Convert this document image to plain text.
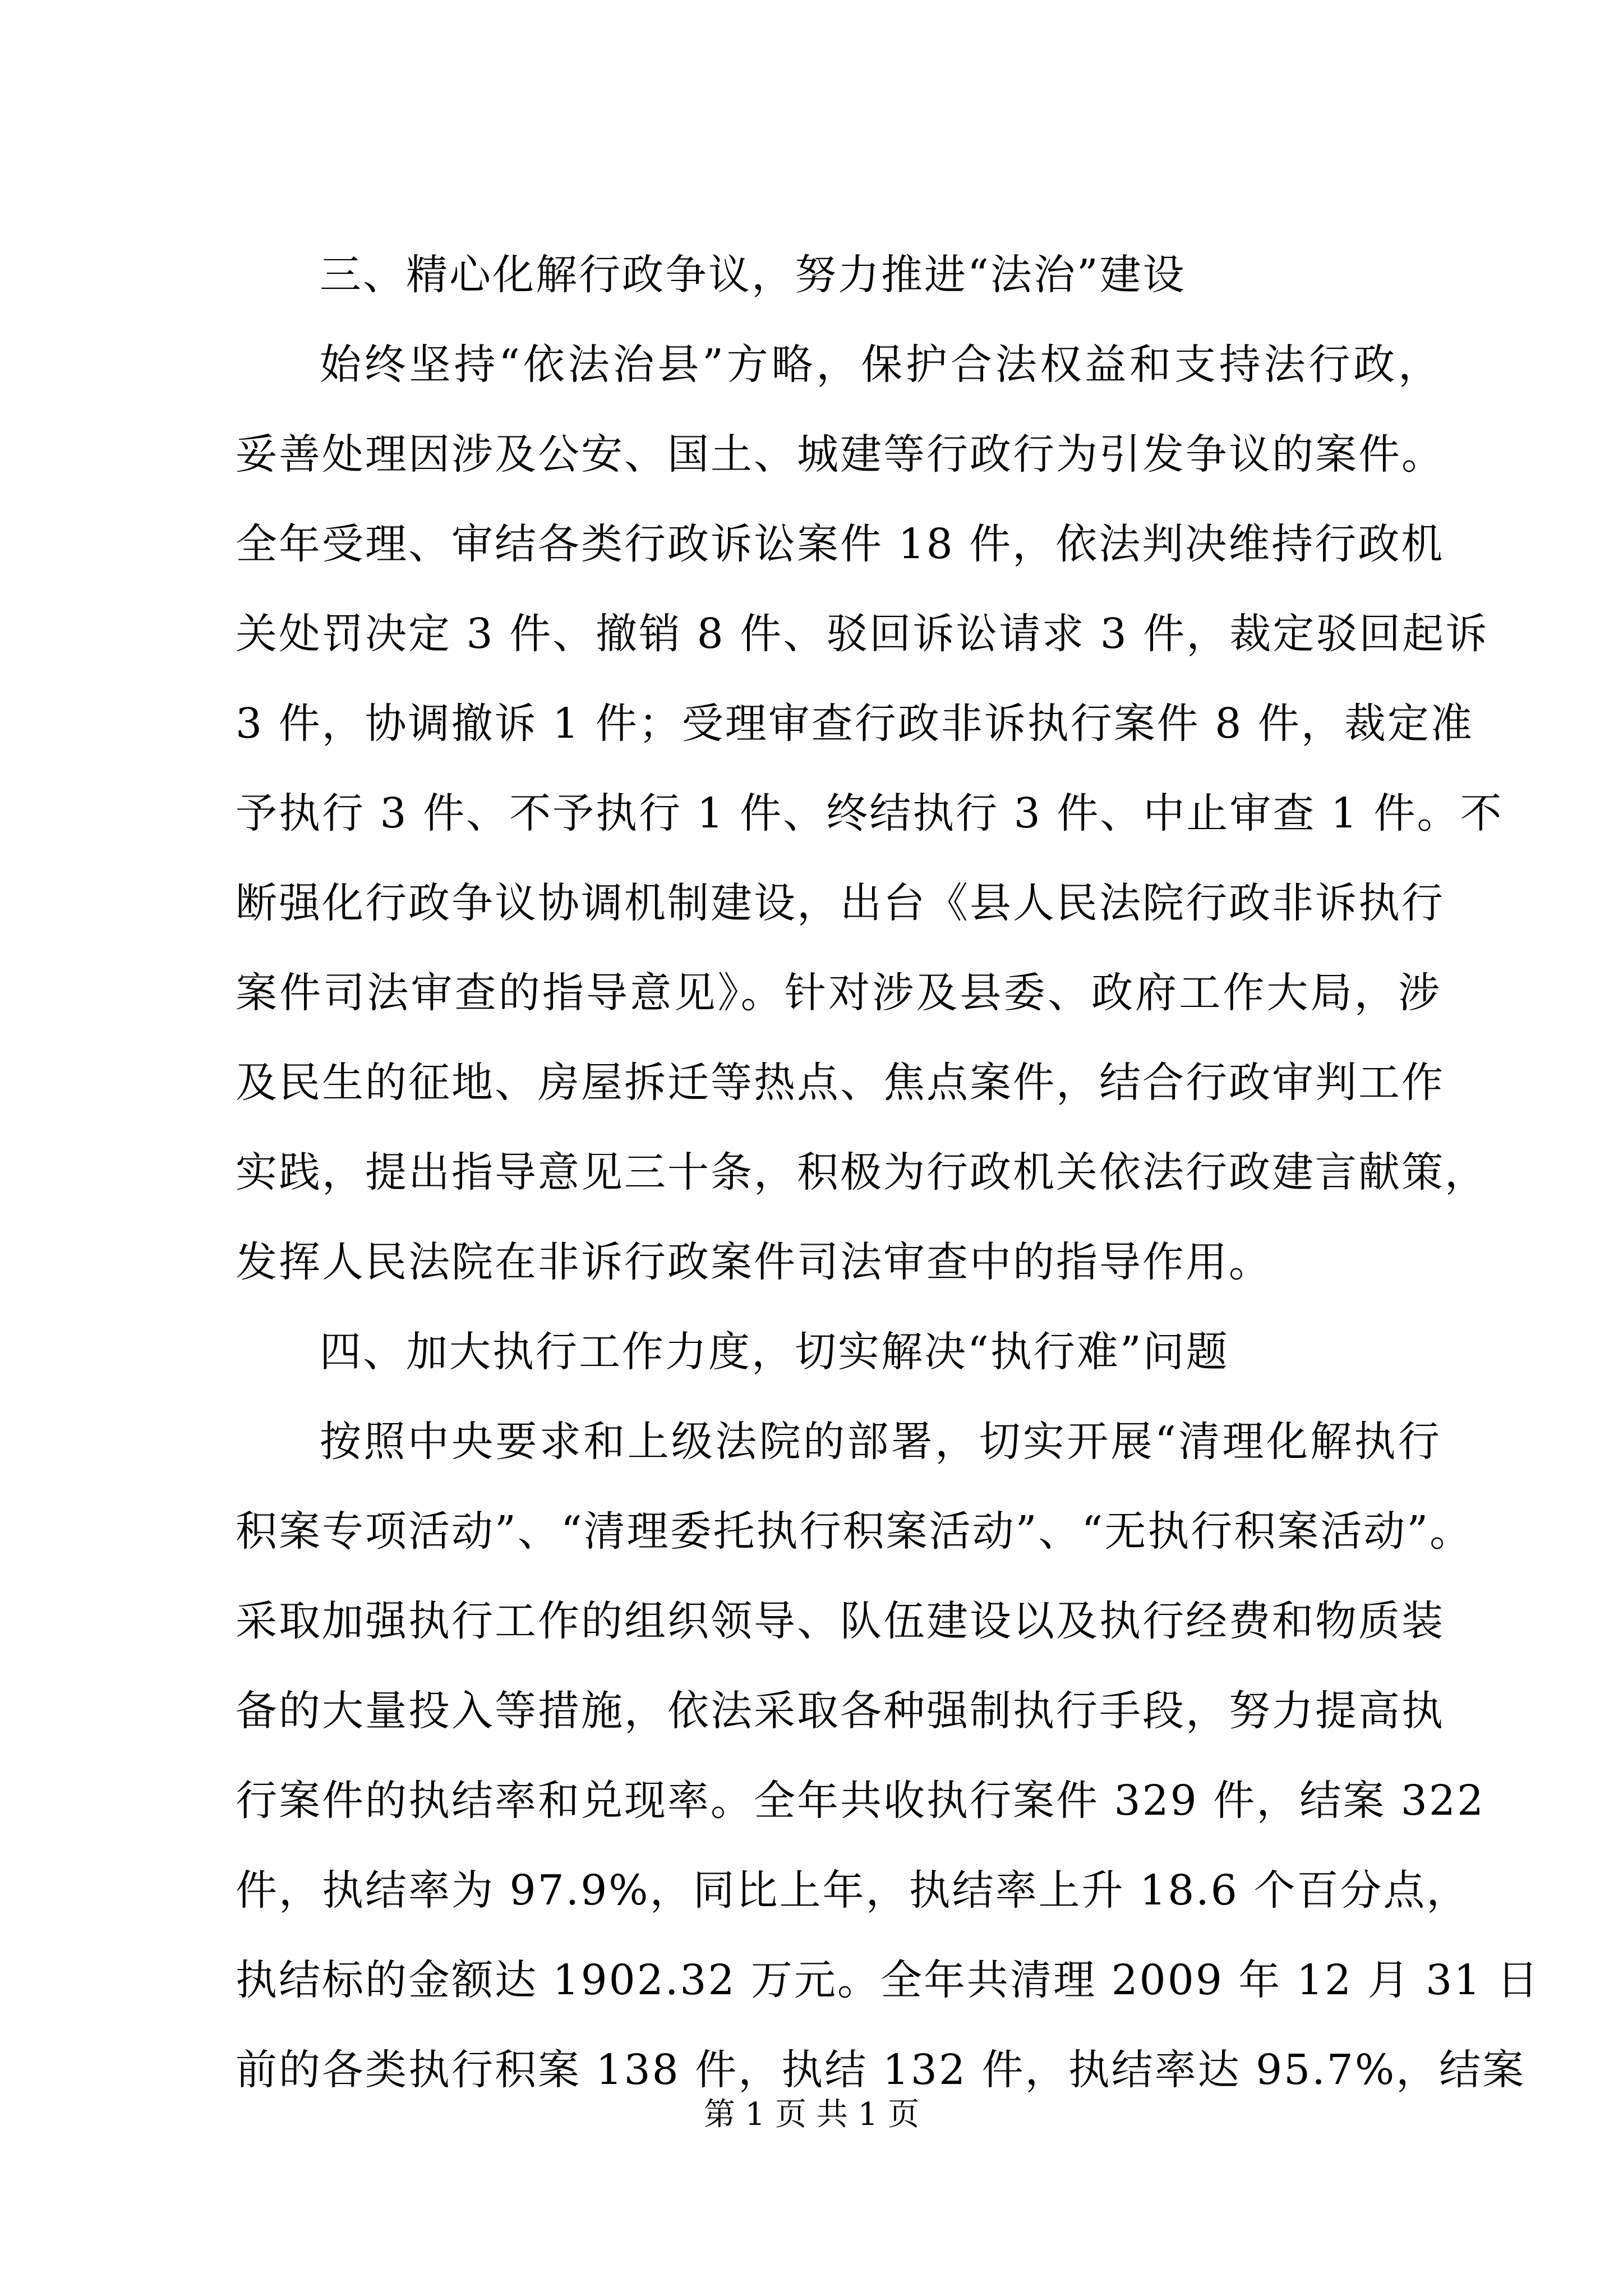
三、精心化解行政争议，努力推进“法治”建设
始终坚持“依法治县”方略，保护合法权益和支持法行政，
妥善处理因涉及公安、国土、城建等行政行为引发争议的案件。
全年受理、审结各类行政诉讼案件 18 件，依法判决维持行政机
关处罚决定 3 件、撤销 8 件、驳回诉讼请求 3 件，裁定驳回起诉
3 件，协调撤诉 1 件；受理审查行政非诉执行案件 8 件，裁定准
予执行 3 件、不予执行 1 件、终结执行 3 件、中止审查 1 件。不
断强化行政争议协调机制建设，出台《县人民法院行政非诉执行
案件司法审查的指导意见》。针对涉及县委、政府工作大局，涉
及民生的征地、房屋拆迁等热点、焦点案件，结合行政审判工作
实践，提出指导意见三十条，积极为行政机关依法行政建言献策，
发挥人民法院在非诉行政案件司法审查中的指导作用。
四、加大执行工作力度，切实解决“执行难”问题
按照中央要求和上级法院的部署，切实开展“清理化解执行
积案专项活动”、“清理委托执行积案活动”、“无执行积案活动”。
采取加强执行工作的组织领导、队伍建设以及执行经费和物质装
备的大量投入等措施，依法采取各种强制执行手段，努力提高执
行案件的执结率和兑现率。全年共收执行案件 329 件，结案 322
件，执结率为 97.9%，同比上年，执结率上升 18.6 个百分点，
执结标的金额达 1902.32 万元。全年共清理 2009 年 12 月 31 日
前的各类执行积案 138 件，执结 132 件，执结率达 95.7%，结案
第 1 页 共 1 页
